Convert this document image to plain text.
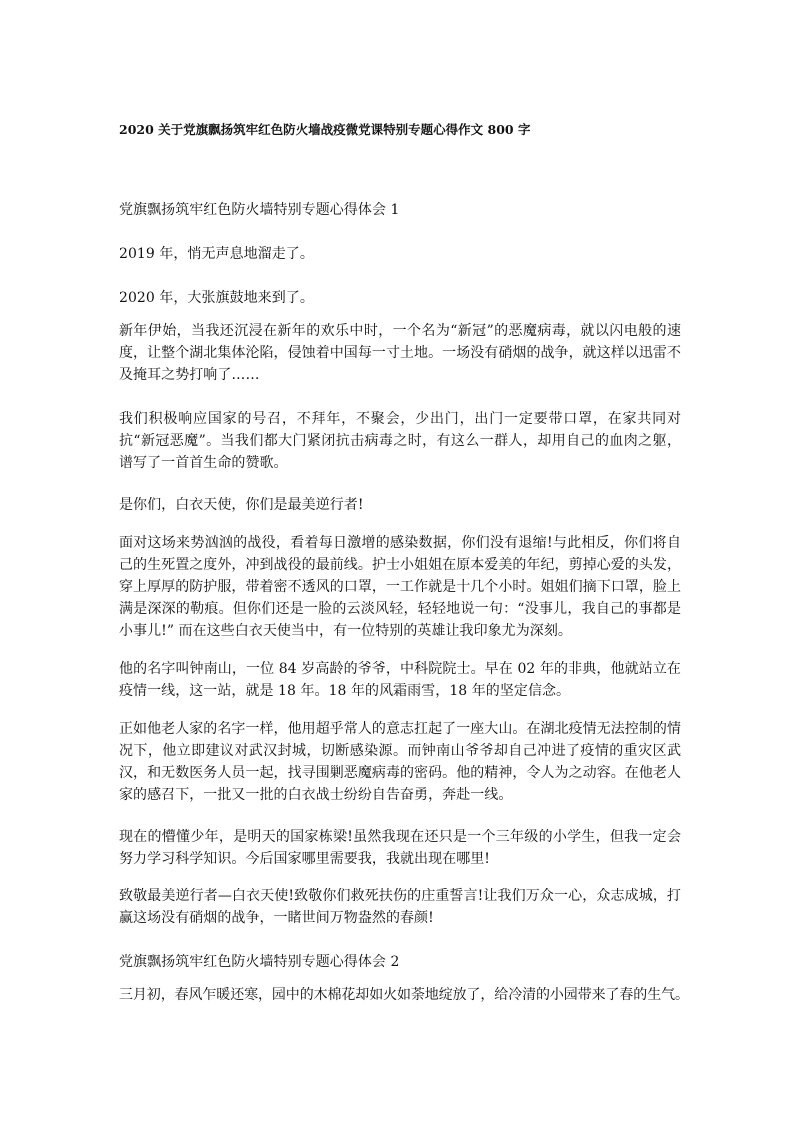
2020 关于党旗飘扬筑牢红色防火墙战疫微党课特别专题心得作文 800 字

党旗飘扬筑牢红色防火墙特别专题心得体会 1

2019 年，悄无声息地溜走了。

2020 年，大张旗鼓地来到了。

新年伊始，当我还沉浸在新年的欢乐中时，一个名为“新冠”的恶魔病毒，就以闪电般的速度，让整个湖北集体沦陷，侵蚀着中国每一寸土地。一场没有硝烟的战争，就这样以迅雷不及掩耳之势打响了……

我们积极响应国家的号召，不拜年，不聚会，少出门，出门一定要带口罩，在家共同对抗“新冠恶魔”。当我们都大门紧闭抗击病毒之时，有这么一群人，却用自己的血肉之躯，谱写了一首首生命的赞歌。

是你们，白衣天使，你们是最美逆行者!

面对这场来势汹汹的战役，看着每日激增的感染数据，你们没有退缩!与此相反，你们将自己的生死置之度外，冲到战役的最前线。护士小姐姐在原本爱美的年纪，剪掉心爱的头发，穿上厚厚的防护服，带着密不透风的口罩，一工作就是十几个小时。姐姐们摘下口罩，脸上满是深深的勒痕。但你们还是一脸的云淡风轻，轻轻地说一句：“没事儿，我自己的事都是小事儿!” 而在这些白衣天使当中，有一位特别的英雄让我印象尤为深刻。

他的名字叫钟南山，一位 84 岁高龄的爷爷，中科院院士。早在 02 年的非典，他就站立在疫情一线，这一站，就是 18 年。18 年的风霜雨雪，18 年的坚定信念。

正如他老人家的名字一样，他用超乎常人的意志扛起了一座大山。在湖北疫情无法控制的情况下，他立即建议对武汉封城，切断感染源。而钟南山爷爷却自己冲进了疫情的重灾区武汉，和无数医务人员一起，找寻围剿恶魔病毒的密码。他的精神，令人为之动容。在他老人家的感召下，一批又一批的白衣战士纷纷自告奋勇，奔赴一线。

现在的懵懂少年，是明天的国家栋梁!虽然我现在还只是一个三年级的小学生，但我一定会努力学习科学知识。今后国家哪里需要我，我就出现在哪里!

致敬最美逆行者—白衣天使!致敬你们救死扶伤的庄重誓言!让我们万众一心，众志成城，打赢这场没有硝烟的战争，一睹世间万物盎然的春颜!

党旗飘扬筑牢红色防火墙特别专题心得体会 2

三月初，春风乍暖还寒，园中的木棉花却如火如荼地绽放了，给冷清的小园带来了春的生气。
